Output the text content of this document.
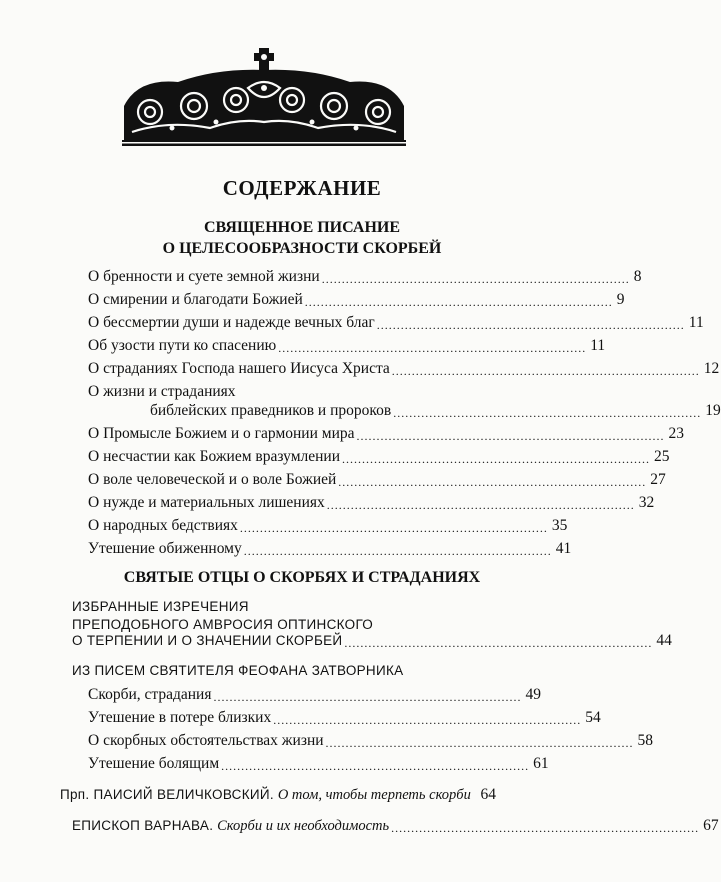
СОДЕРЖАНИЕ
СВЯЩЕННОЕ ПИСАНИЕ
О ЦЕЛЕСООБРАЗНОСТИ СКОРБЕЙ
О бренности и суете земной жизни ............................................................................. 8
О смирении и благодати Божией ............................................................................. 9
О бессмертии души и надежде вечных благ ............................................................................. 11
Об узости пути ко спасению ............................................................................. 11
О страданиях Господа нашего Иисуса Христа ............................................................................. 12
О жизни и страданиях
библейских праведников и пророков ............................................................................. 19
О Промысле Божием и о гармонии мира ............................................................................. 23
О несчастии как Божием вразумлении ............................................................................. 25
О воле человеческой и о воле Божией ............................................................................. 27
О нужде и материальных лишениях ............................................................................. 32
О народных бедствиях ............................................................................. 35
Утешение обиженному ............................................................................. 41
СВЯТЫЕ ОТЦЫ О СКОРБЯХ И СТРАДАНИЯХ
ИЗБРАННЫЕ ИЗРЕЧЕНИЯ
ПРЕПОДОБНОГО АМВРОСИЯ ОПТИНСКОГО
О ТЕРПЕНИИ И О ЗНАЧЕНИИ СКОРБЕЙ ............................................................................. 44
ИЗ ПИСЕМ СВЯТИТЕЛЯ ФЕОФАНА ЗАТВОРНИКА
Скорби, страдания ............................................................................. 49
Утешение в потере близких ............................................................................. 54
О скорбных обстоятельствах жизни ............................................................................. 58
Утешение болящим ............................................................................. 61
Прп. ПАИСИЙ ВЕЛИЧКОВСКИЙ.
О том, чтобы терпеть скорби 64
ЕПИСКОП ВАРНАВА.
Скорби и их необходимость ............................................................................. 67
